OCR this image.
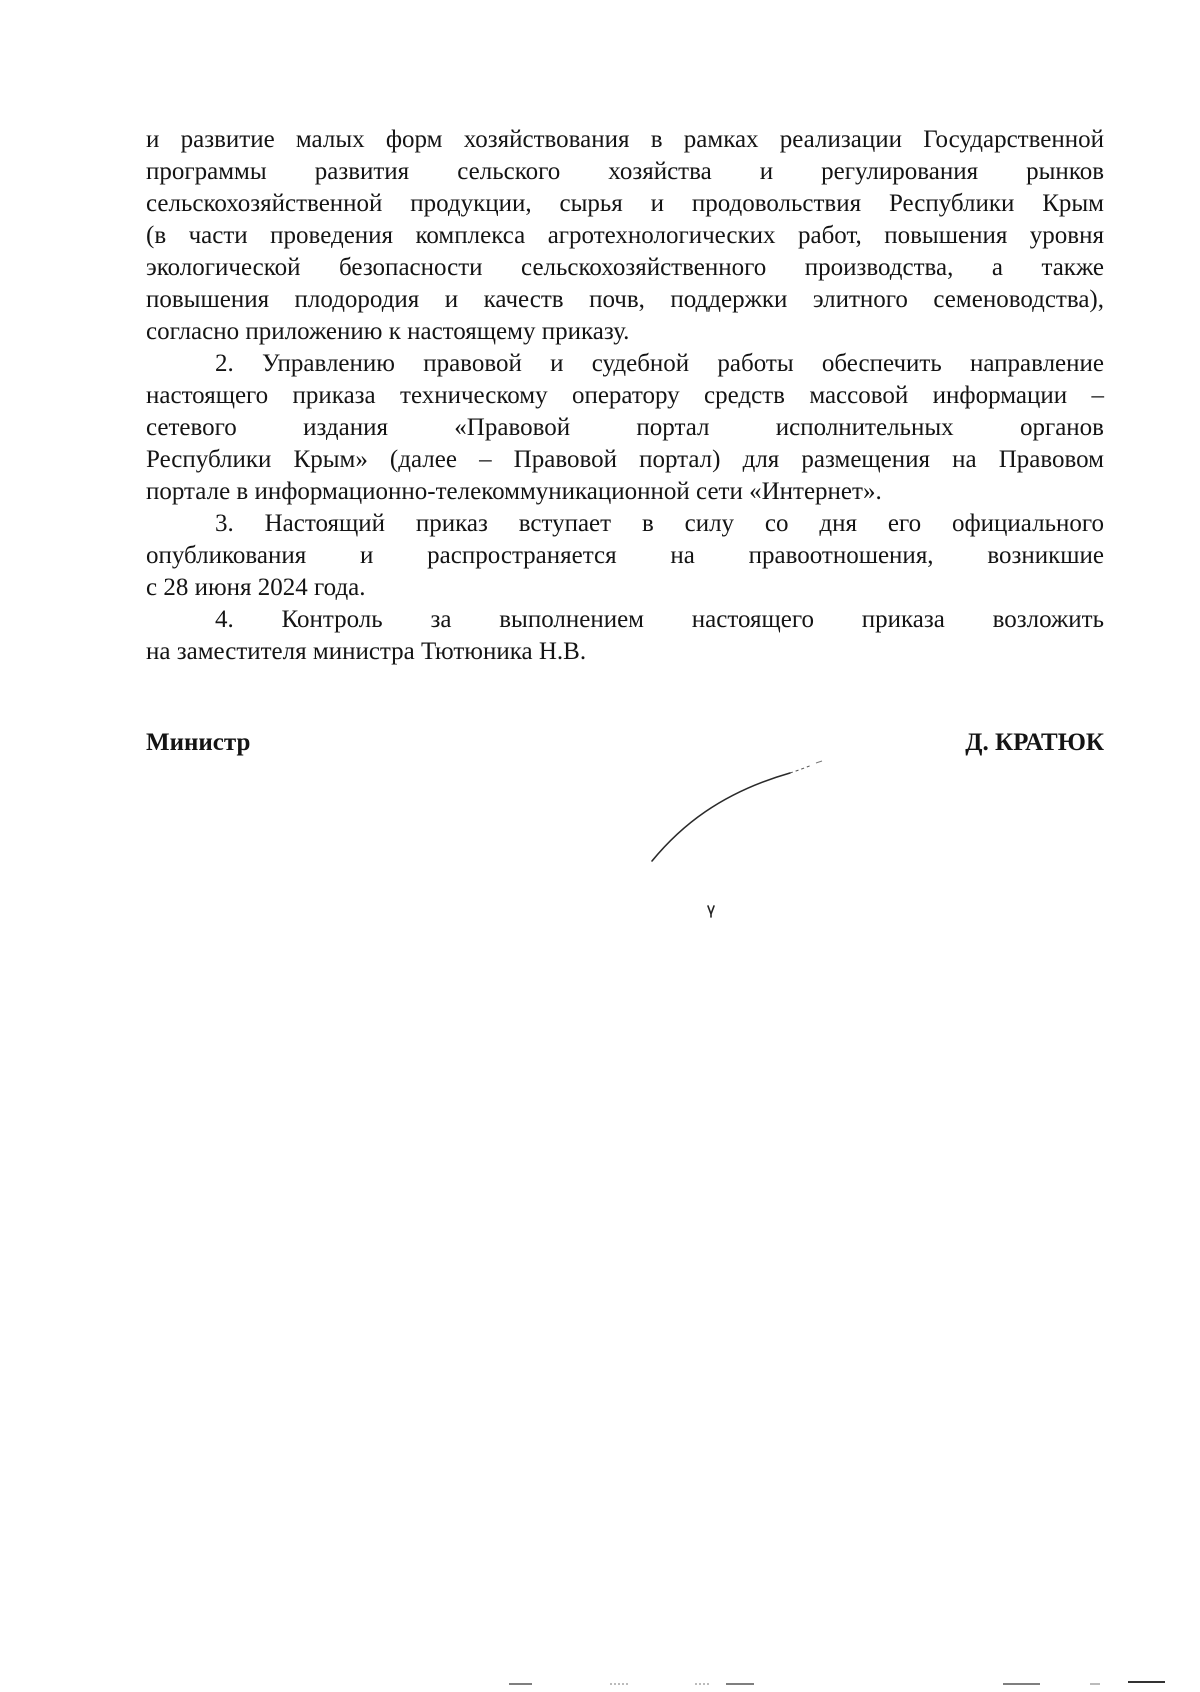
и развитие малых форм хозяйствования в рамках реализации Государственной
программы развития сельского хозяйства и регулирования рынков
сельскохозяйственной продукции, сырья и продовольствия Республики Крым
(в части проведения комплекса агротехнологических работ, повышения уровня
экологической безопасности сельскохозяйственного производства, а также
повышения плодородия и качеств почв, поддержки элитного семеноводства),
согласно приложению к настоящему приказу.
2. Управлению правовой и судебной работы обеспечить направление
настоящего приказа техническому оператору средств массовой информации –
сетевого издания «Правовой портал исполнительных органов
Республики Крым» (далее – Правовой портал) для размещения на Правовом
портале в информационно-телекоммуникационной сети «Интернет».
3. Настоящий приказ вступает в силу со дня его официального
опубликования и распространяется на правоотношения, возникшие
с 28 июня 2024 года.
4. Контроль за выполнением настоящего приказа возложить
на заместителя министра Тютюника Н.В.
Министр	Д. КРАТЮК
